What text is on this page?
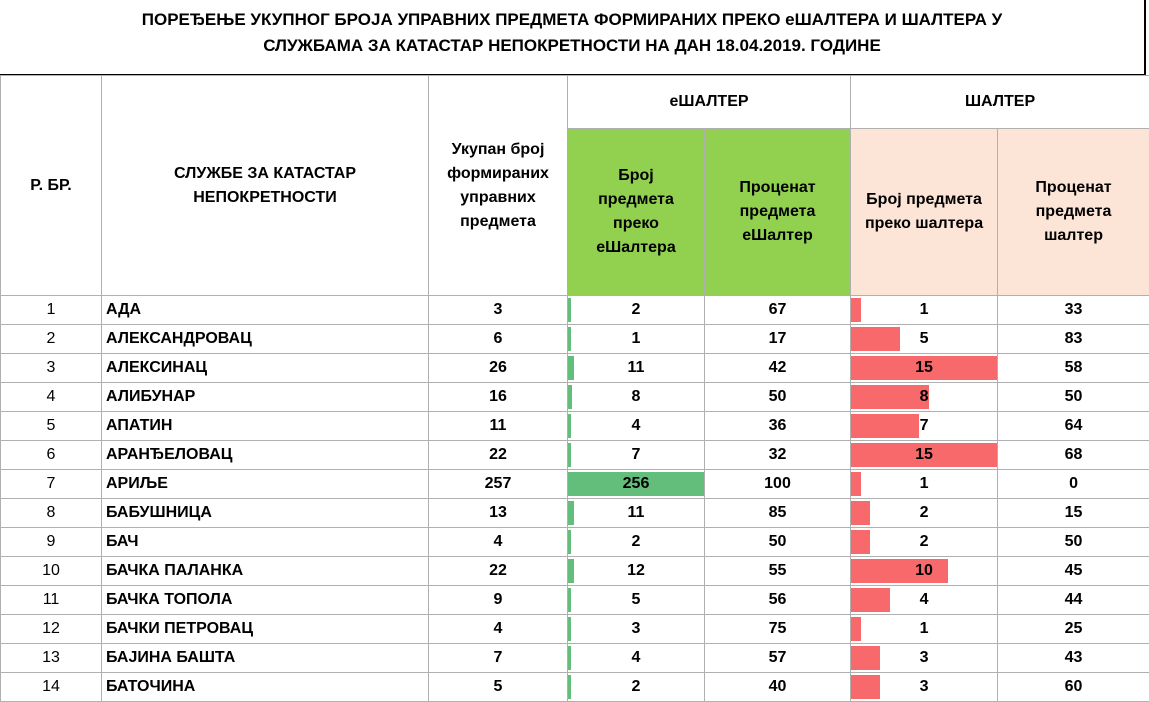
ПОРЕЂЕЊЕ УКУПНОГ БРОЈА УПРАВНИХ ПРЕДМЕТА ФОРМИРАНИХ ПРЕКО еШАЛТЕРА И ШАЛТЕРА У
СЛУЖБАМА ЗА КАТАСТАР НЕПОКРЕТНОСТИ НА ДАН 18.04.2019. ГОДИНЕ
Р. БР.	СЛУЖБЕ ЗА КАТАСТАР НЕПОКРЕТНОСТИ	Укупан број формираних управних предмета	еШАЛТЕР		ШАЛТЕР	
			Број предмета преко еШалтера	Проценат предмета еШалтер	Број предмета преко шалтера	Проценат предмета шалтер
1	АДА	3	2	67	1	33
2	АЛЕКСАНДРОВАЦ	6	1	17	5	83
3	АЛЕКСИНАЦ	26	11	42	15	58
4	АЛИБУНАР	16	8	50	8	50
5	АПАТИН	11	4	36	7	64
6	АРАНЂЕЛОВАЦ	22	7	32	15	68
7	АРИЉЕ	257	256	100	1	0
8	БАБУШНИЦА	13	11	85	2	15
9	БАЧ	4	2	50	2	50
10	БАЧКА ПАЛАНКА	22	12	55	10	45
11	БАЧКА ТОПОЛА	9	5	56	4	44
12	БАЧКИ ПЕТРОВАЦ	4	3	75	1	25
13	БАЈИНА БАШТА	7	4	57	3	43
14	БАТОЧИНА	5	2	40	3	60
